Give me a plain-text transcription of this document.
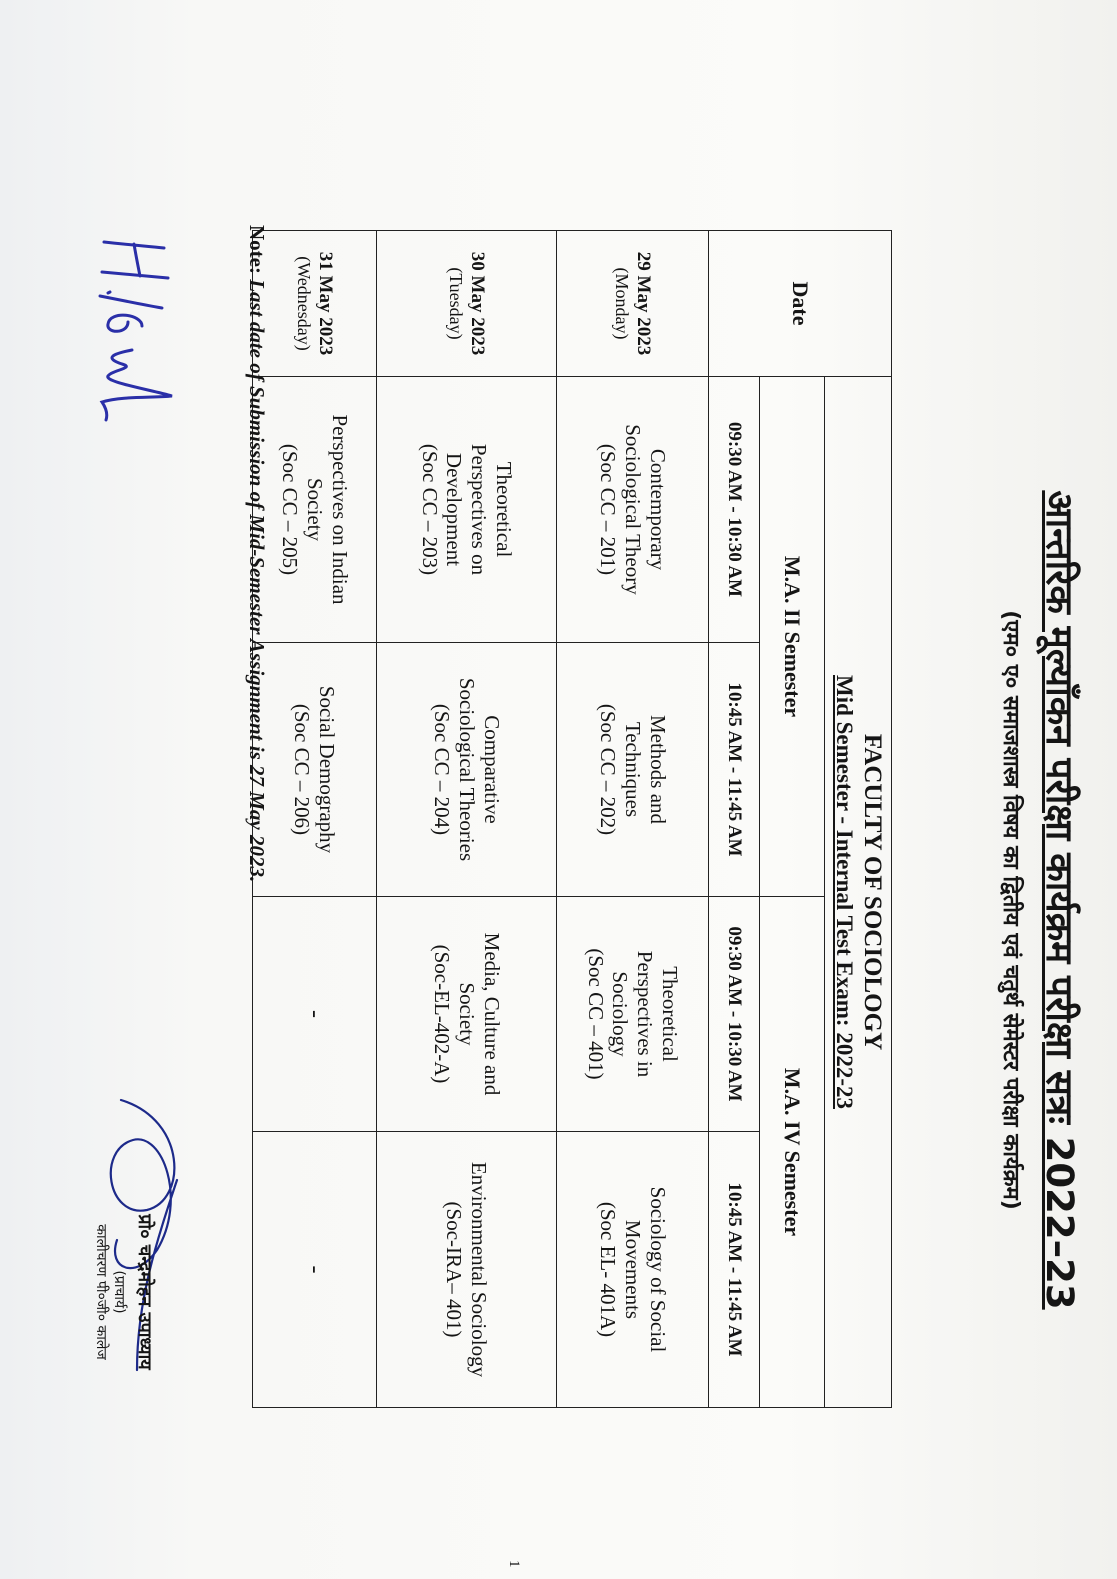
आन्तरिक मूल्याँकन परीक्षा कार्यक्रम परीक्षा सत्रः 2022–23
(एम० ए० समाजशास्त्र विषय का द्वितीय एवं चतुर्थ सेमेस्टर परीक्षा कार्यक्रम)
Date	FACULTY OF SOCIOLOGY
Mid Semester - Internal Test Exam: 2022-23			

	M.A. II Semester		M.A. IV Semester	
	09:30 AM - 10:30 AM	10:45 AM - 11:45 AM	09:30 AM - 10:30 AM	10:45 AM - 11:45 AM
29 May 2023
(Monday)	Contemporary
Sociological Theory
(Soc CC – 201)	Methods and
Techniques
(Soc CC – 202)	Theoretical
Perspectives in
Sociology
(Soc CC – 401)	Sociology of Social
Movements
(Soc EL- 401A)
30 May 2023
(Tuesday)	Theoretical
Perspectives on
Development
(Soc CC – 203)	Comparative
Sociological Theories
(Soc CC – 204)	Media, Culture and
Society
(Soc-EL-402-A)	Environmental Sociology
(Soc-IRA– 401)
31 May 2023
(Wednesday)	Perspectives on Indian
Society
(Soc CC – 205)	Social Demography
(Soc CC – 206)	-	-
Note: Last date of Submission of Mid-Semester Assignment is 27 May 2023.
प्रो० चन्द्रमोहन उपाध्याय
(प्राचार्य)
कालीचरण पी०जी० कालेज
1
